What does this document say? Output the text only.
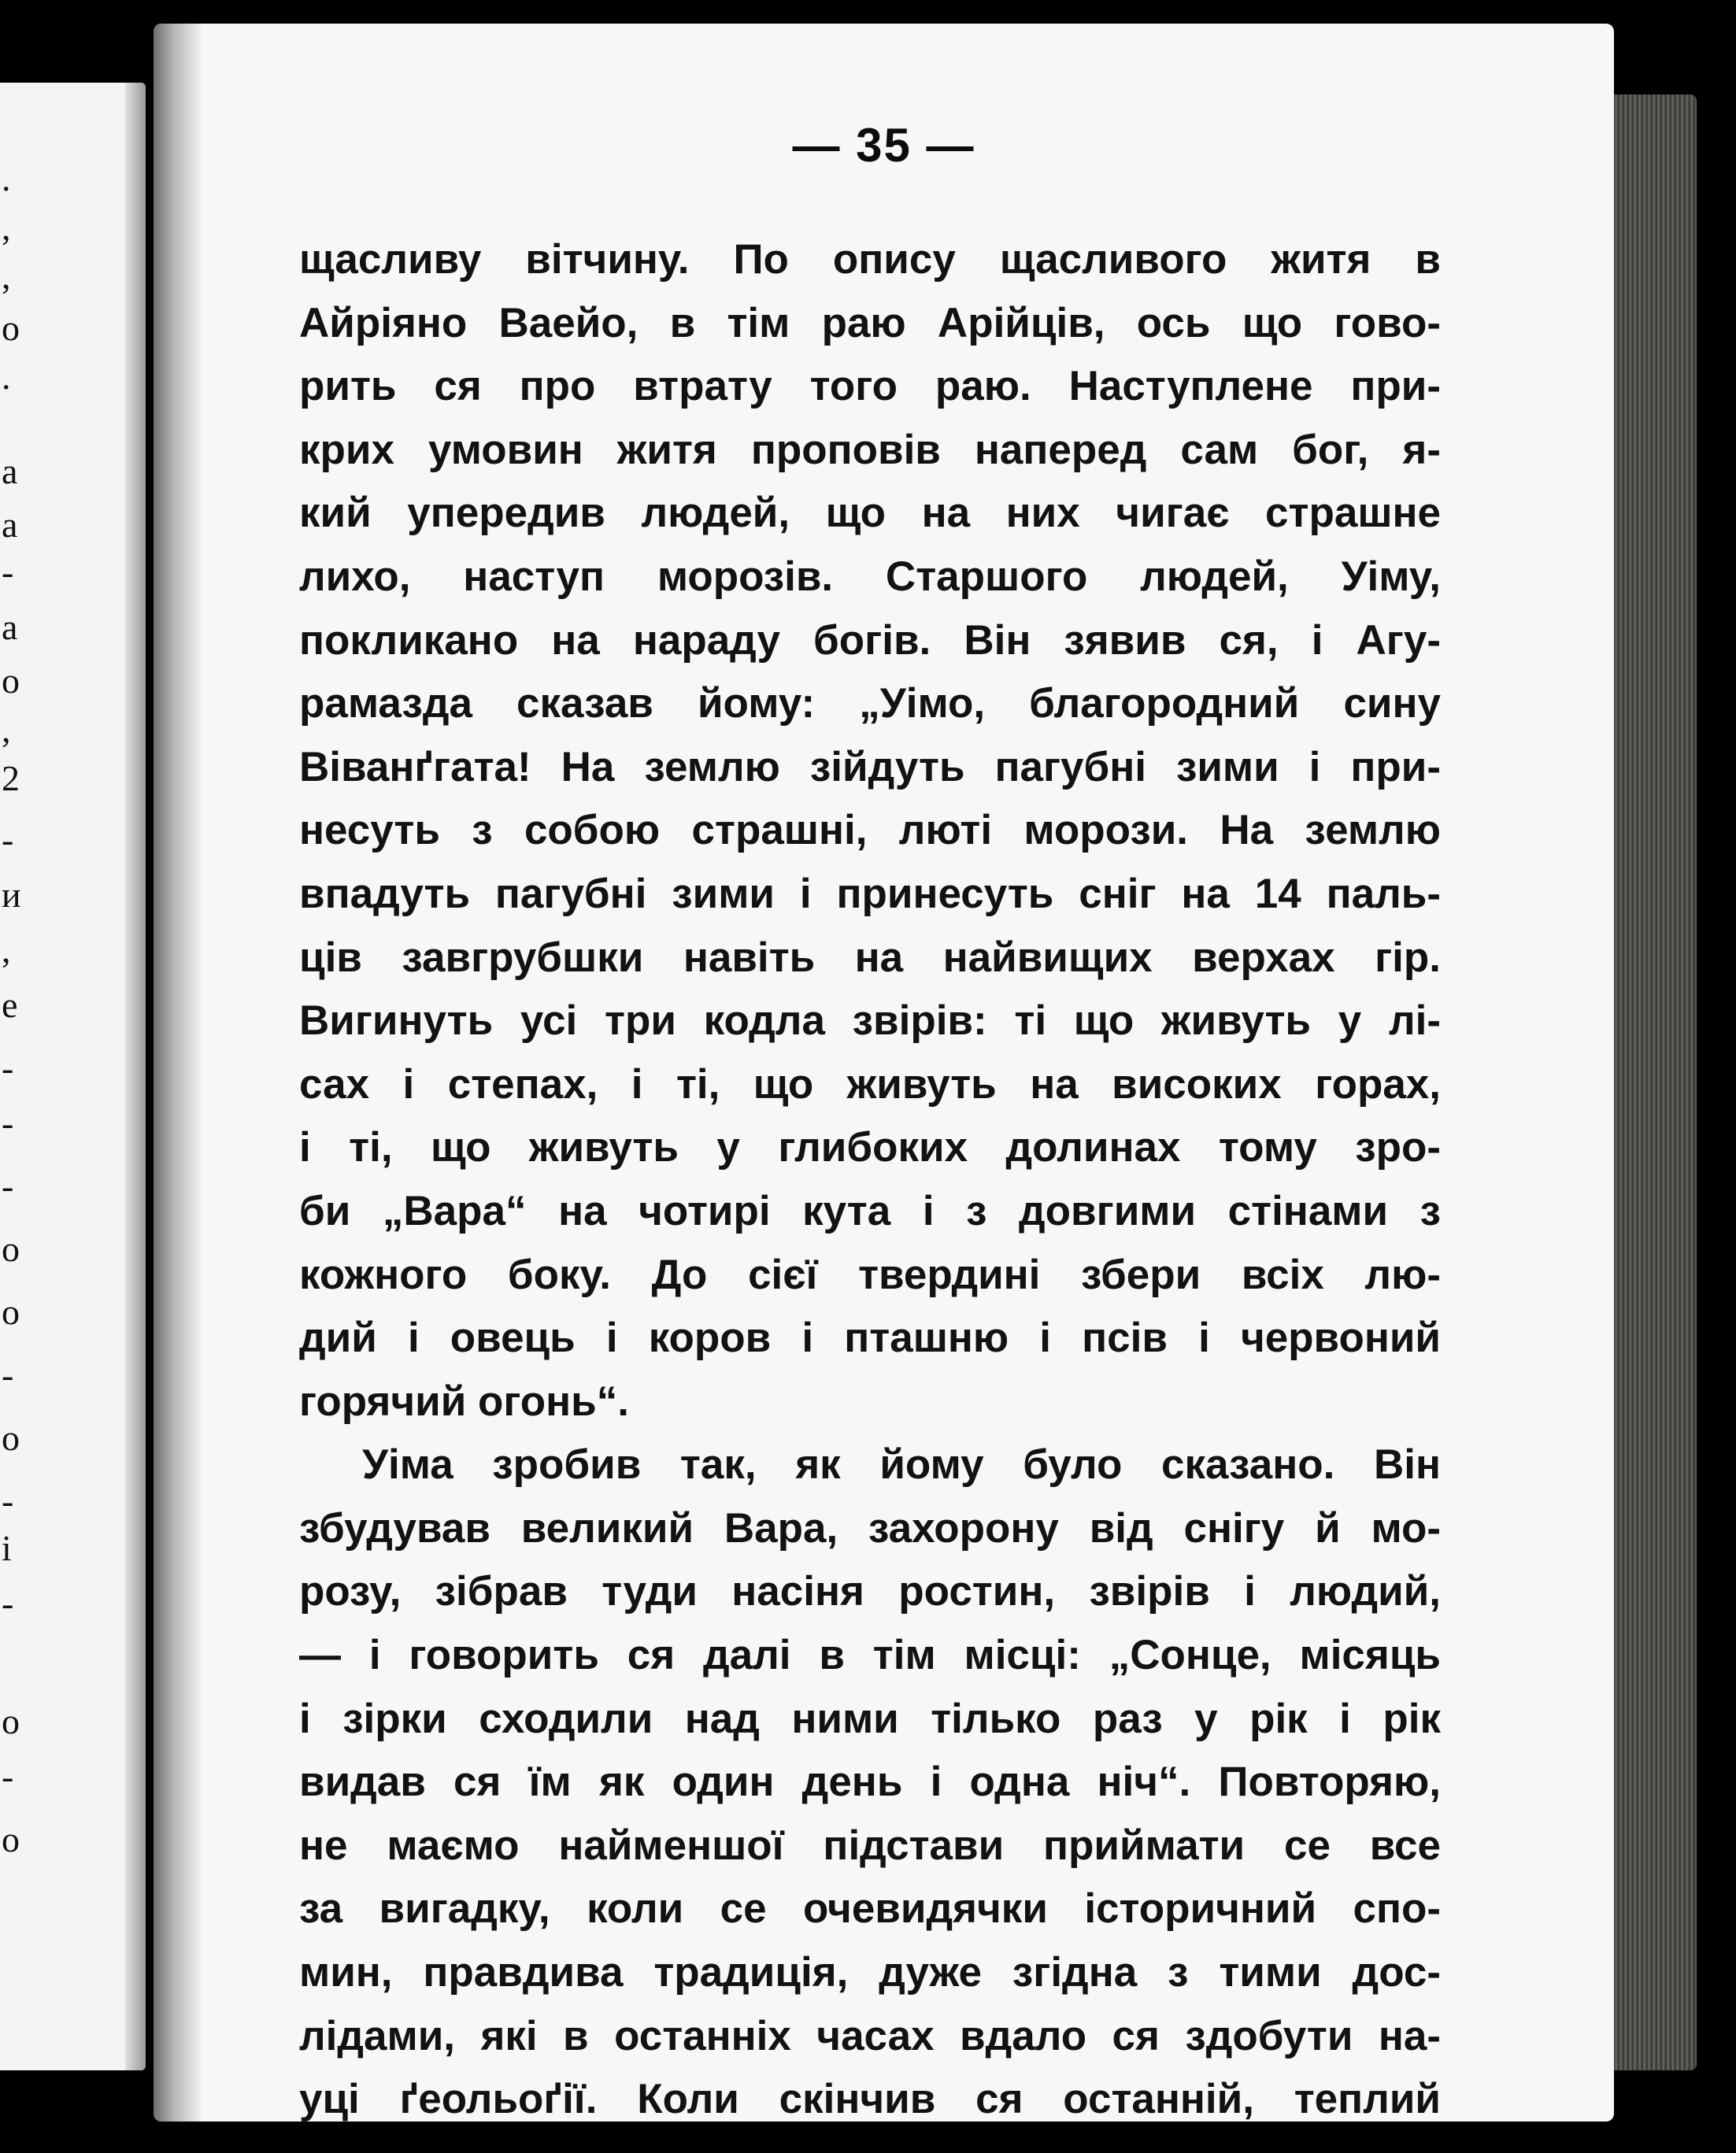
.
,
,
o
.
a
a
-
a
o
,
2
-
и
,
e
-
-
-
o
o
-
o
-
i
-
o
-
o
— 35 —
щасливу вітчину. По опису щасливого житя в
Айріяно Ваейо, в тім раю Арійців, ось що гово-
рить ся про втрату того раю. Наступлене при-
крих умовин житя проповів наперед сам бог, я-
кий упередив людей, що на них чигає страшне
лихо, наступ морозів. Старшого людей, Уіму,
покликано на нараду богів. Він зявив ся, і Агу-
рамазда сказав йому: „Уімо, благородний сину
Віванґгата! На землю зійдуть пагубні зими і при-
несуть з собою страшні, люті морози. На землю
впадуть пагубні зими і принесуть сніг на 14 паль-
ців завгрубшки навіть на найвищих верхах гір.
Вигинуть усі три кодла звірів: ті що живуть у лі-
сах і степах, і ті, що живуть на високих горах,
і ті, що живуть у глибоких долинах тому зро-
би „Вара“ на чотирі кута і з довгими стінами з
кожного боку. До сієї твердині збери всіх лю-
дий і овець і коров і пташню і псів і червоний
горячий огонь“.
Уіма зробив так, як йому було сказано. Він
збудував великий Вара, захорону від снігу й мо-
розу, зібрав туди насіня ростин, звірів і людий,
— і говорить ся далі в тім місці: „Сонце, місяць
і зірки сходили над ними тілько раз у рік і рік
видав ся їм як один день і одна ніч“. Повторяю,
не маємо найменшої підстави приймати се все
за вигадку, коли се очевидячки історичний спо-
мин, правдива традиція, дуже згідна з тими дос-
лідами, які в останніх часах вдало ся здобути на-
уці ґеольоґії. Коли скінчив ся останній, теплий
